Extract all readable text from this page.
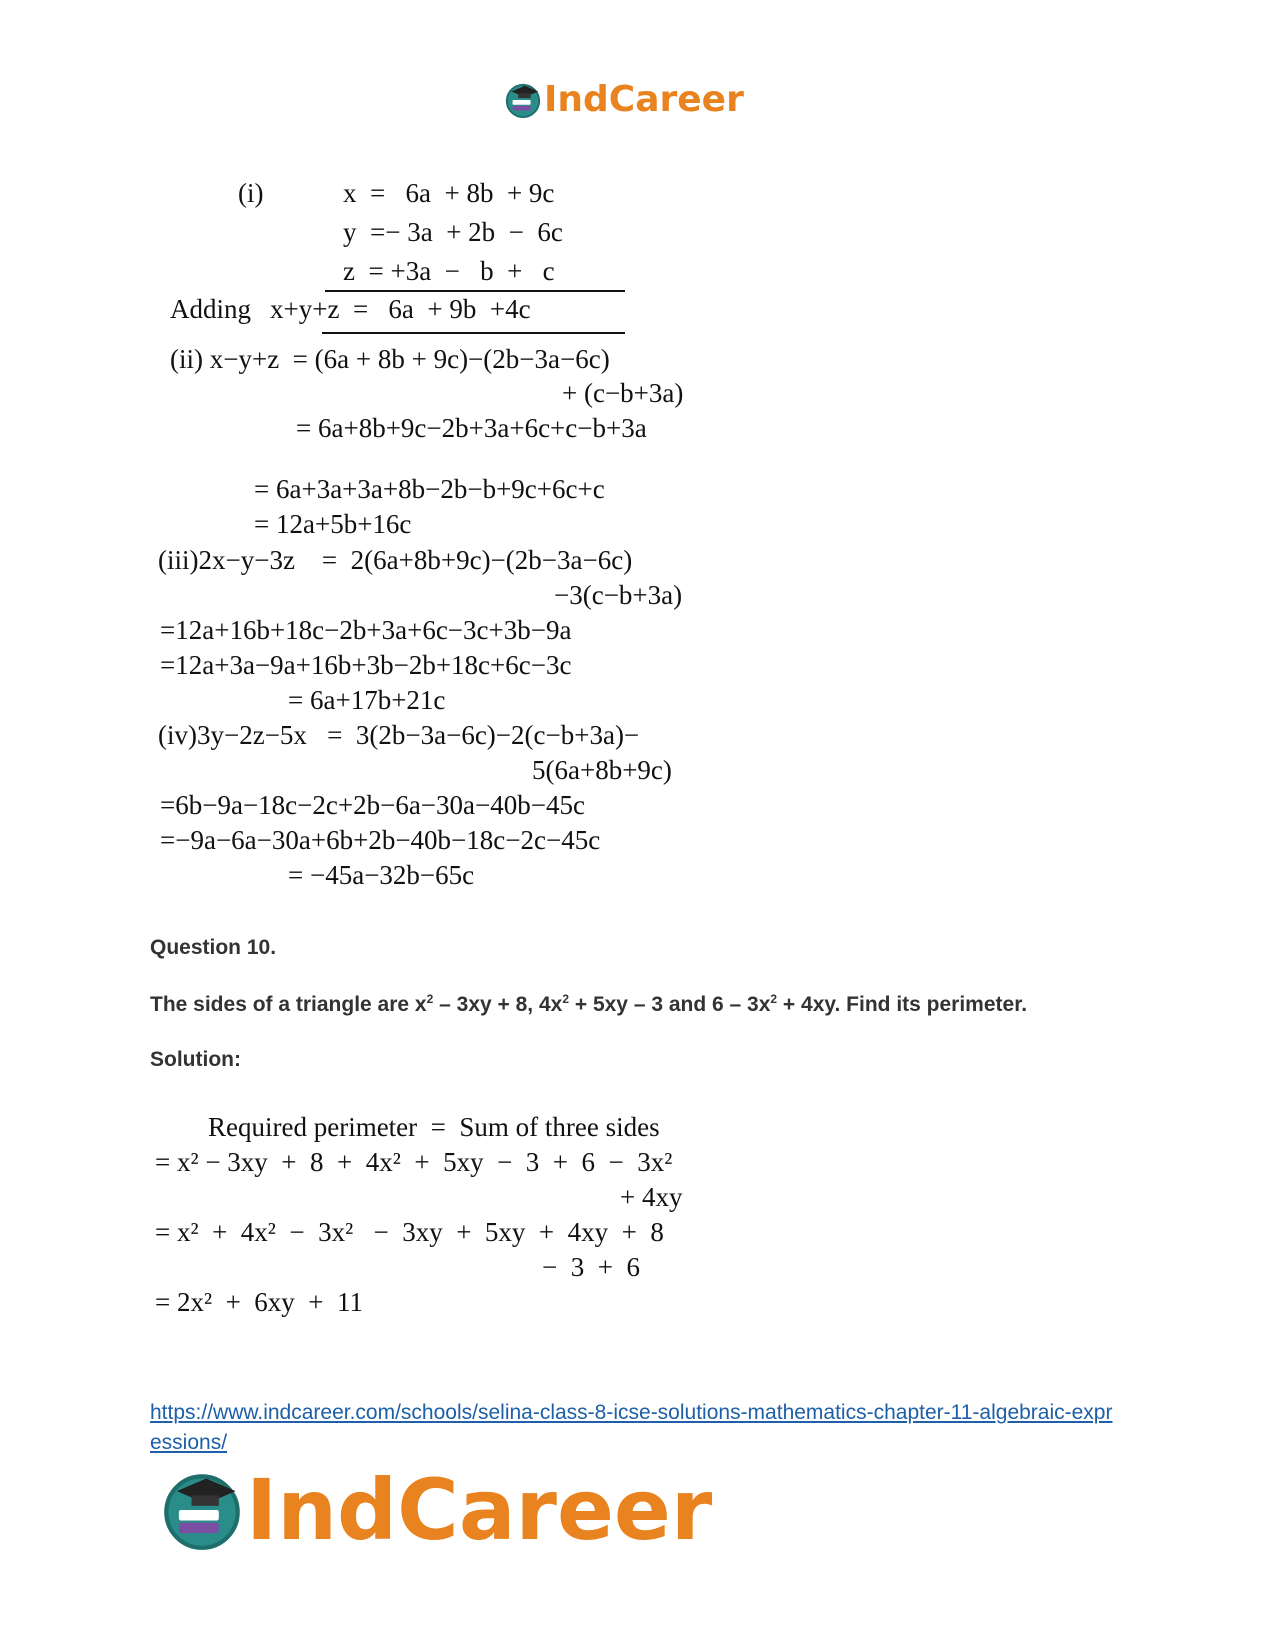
IndCareer
(i)	x  =   6a  + 8b  + 9c
y  =− 3a  + 2b  −  6c
z  = +3a  −   b  +   c
Adding x+y+z  =   6a  + 9b  +4c
(ii) x−y+z  = (6a + 8b + 9c)−(2b−3a−6c)
+ (c−b+3a)
= 6a+8b+9c−2b+3a+6c+c−b+3a
= 6a+3a+3a+8b−2b−b+9c+6c+c
= 12a+5b+16c
(iii)2x−y−3z    =  2(6a+8b+9c)−(2b−3a−6c)
−3(c−b+3a)
=12a+16b+18c−2b+3a+6c−3c+3b−9a
=12a+3a−9a+16b+3b−2b+18c+6c−3c
= 6a+17b+21c
(iv)3y−2z−5x   =  3(2b−3a−6c)−2(c−b+3a)−
5(6a+8b+9c)
=6b−9a−18c−2c+2b−6a−30a−40b−45c
=−9a−6a−30a+6b+2b−40b−18c−2c−45c
= −45a−32b−65c

Question 10.

The sides of a triangle are $x^2 - 3xy + 8$, $4x^2 + 5xy - 3$ and $6 - 3x^2 + 4xy$. Find its perimeter.

Solution:

Required perimeter  =  Sum of three sides
= x² − 3xy  +  8  +  4x²  +  5xy  −  3  +  6  −  3x²
+ 4xy
= x²  +  4x²  −  3x²   −  3xy  +  5xy  +  4xy  +  8
−  3  +  6
= 2x²  +  6xy  +  11
https://www.indcareer.com/schools/selina-class-8-icse-solutions-mathematics-chapter-11-algebraic-expressions/
IndCareer
